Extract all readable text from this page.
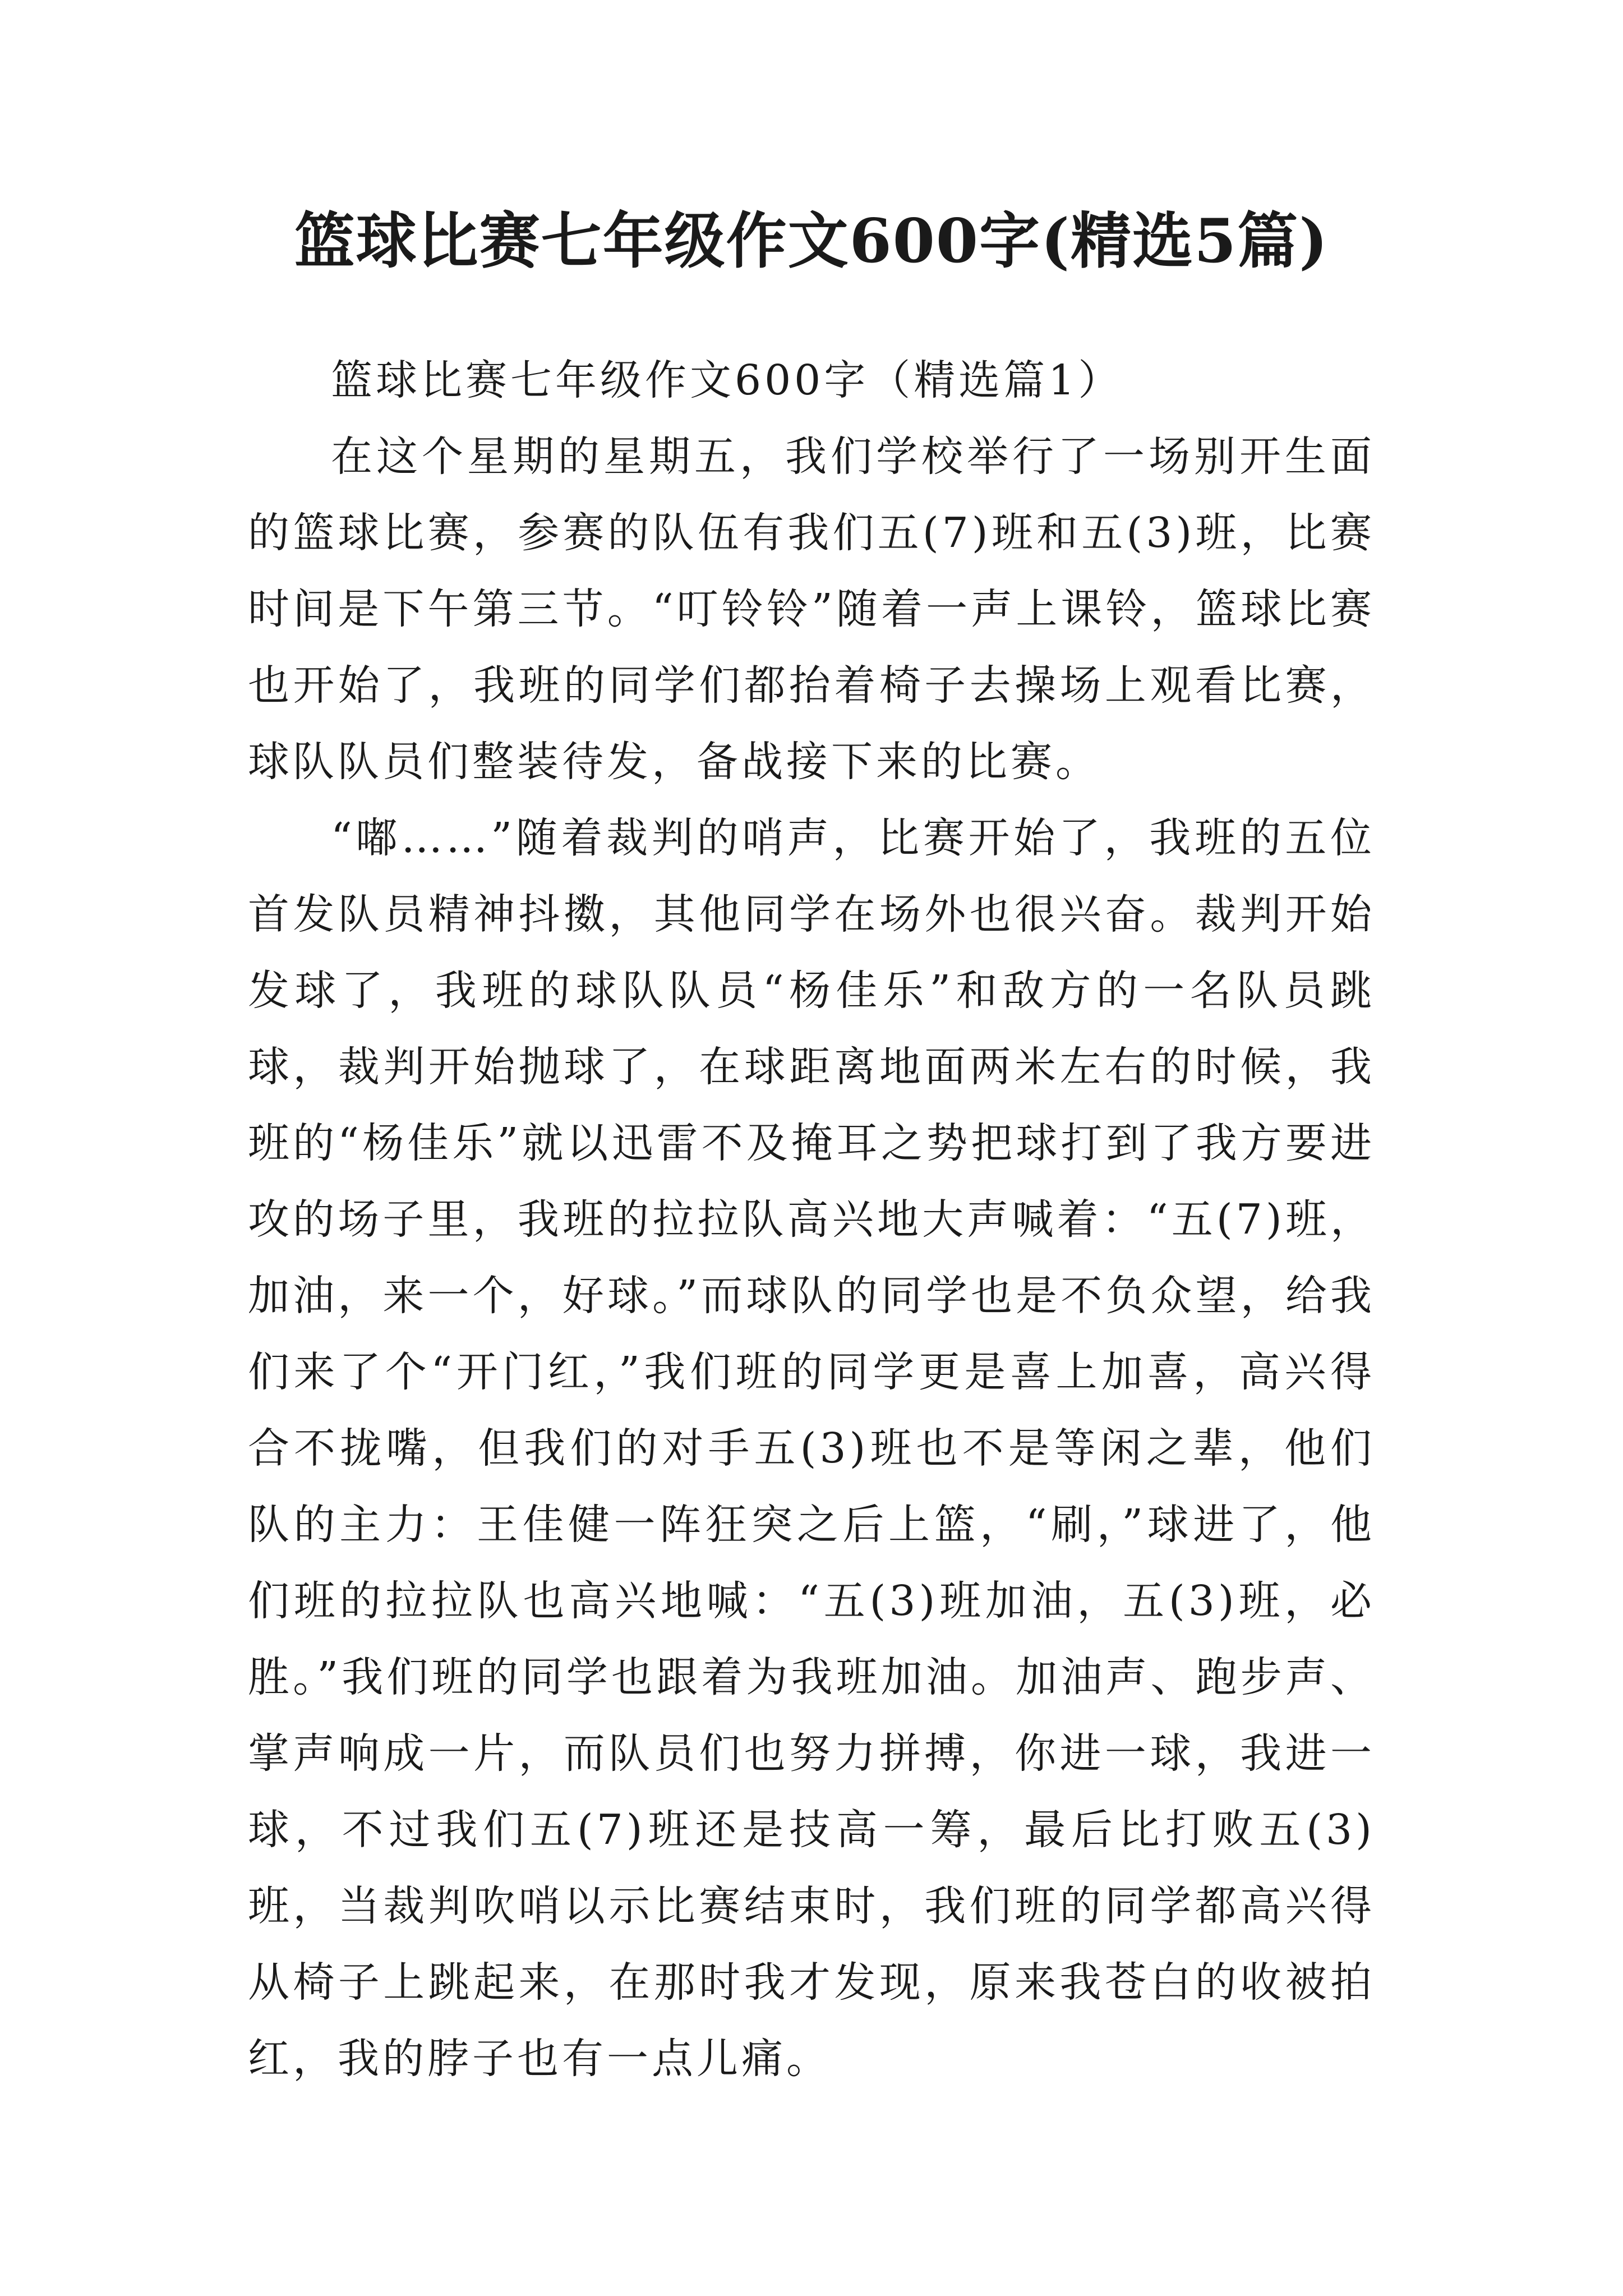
篮球比赛七年级作文600字(精选5篇)

篮球比赛七年级作文600字（精选篇1）

在这个星期的星期五，我们学校举行了一场别开生面的篮球比赛，参赛的队伍有我们五(7)班和五(3)班，比赛时间是下午第三节。“叮铃铃”随着一声上课铃，篮球比赛也开始了，我班的同学们都抬着椅子去操场上观看比赛，球队队员们整装待发，备战接下来的比赛。

“嘟……”随着裁判的哨声，比赛开始了，我班的五位首发队员精神抖擞，其他同学在场外也很兴奋。裁判开始发球了，我班的球队队员“杨佳乐”和敌方的一名队员跳球，裁判开始抛球了，在球距离地面两米左右的时候，我班的“杨佳乐”就以迅雷不及掩耳之势把球打到了我方要进攻的场子里，我班的拉拉队高兴地大声喊着：“五(7)班，加油，来一个，好球。”而球队的同学也是不负众望，给我们来了个“开门红，”我们班的同学更是喜上加喜，高兴得合不拢嘴，但我们的对手五(3)班也不是等闲之辈，他们队的主力：王佳健一阵狂突之后上篮，“刷，”球进了，他们班的拉拉队也高兴地喊：“五(3)班加油，五(3)班，必胜。”我们班的同学也跟着为我班加油。加油声、跑步声、掌声响成一片，而队员们也努力拼搏，你进一球，我进一球，不过我们五(7)班还是技高一筹，最后比打败五(3)班，当裁判吹哨以示比赛结束时，我们班的同学都高兴得从椅子上跳起来，在那时我才发现，原来我苍白的收被拍红，我的脖子也有一点儿痛。
